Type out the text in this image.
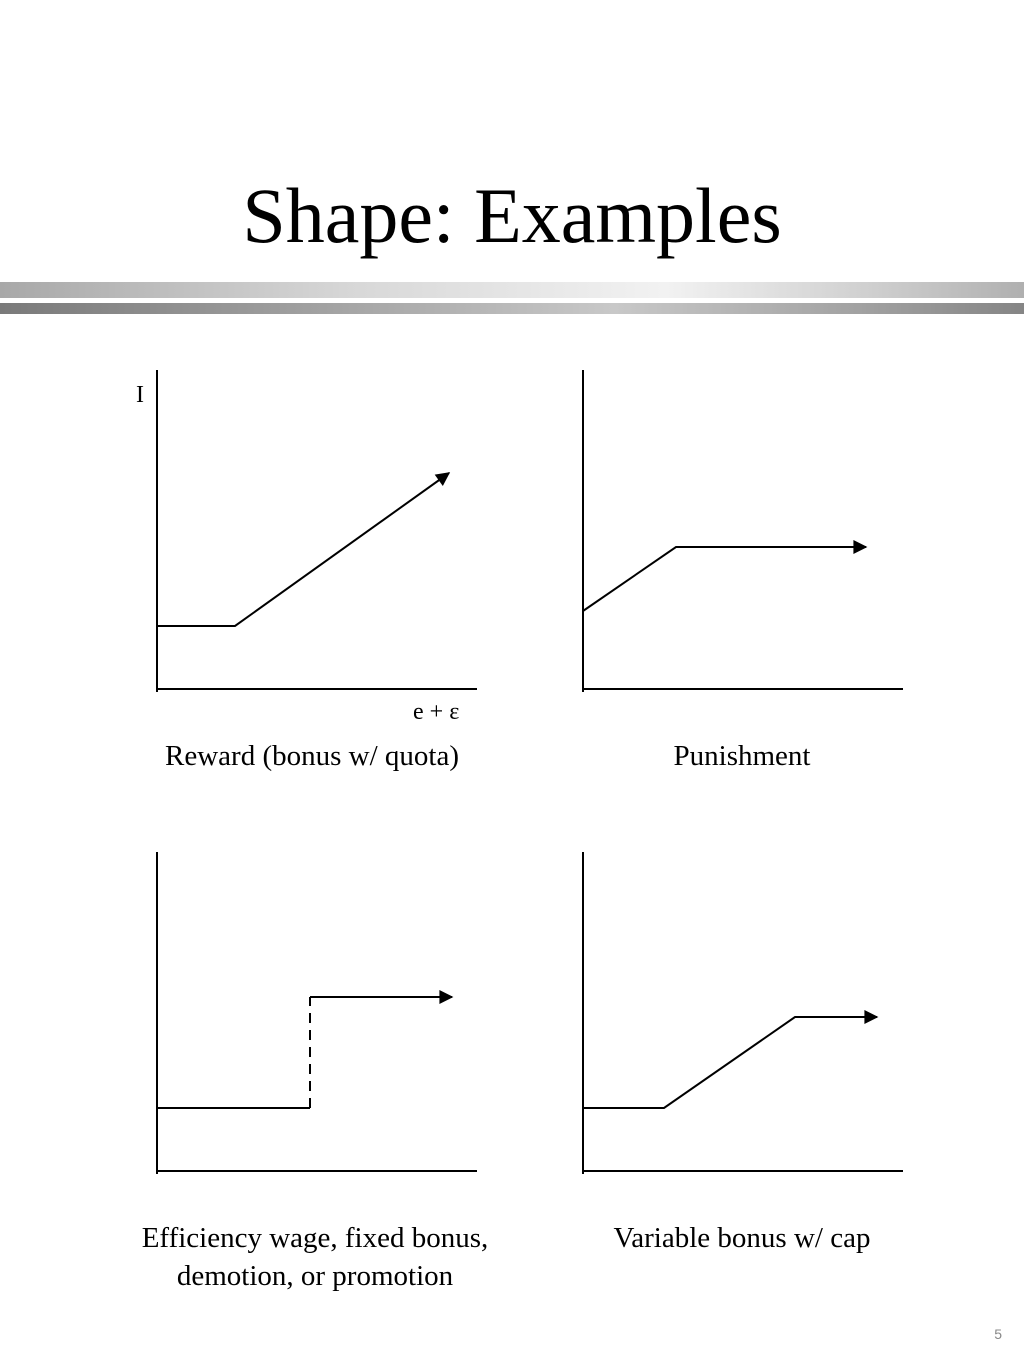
Shape: Examples
I
e + ε
Reward (bonus w/ quota)	Punishment
Efficiency wage, fixed bonus,
demotion, or promotion
Variable bonus w/ cap
5
